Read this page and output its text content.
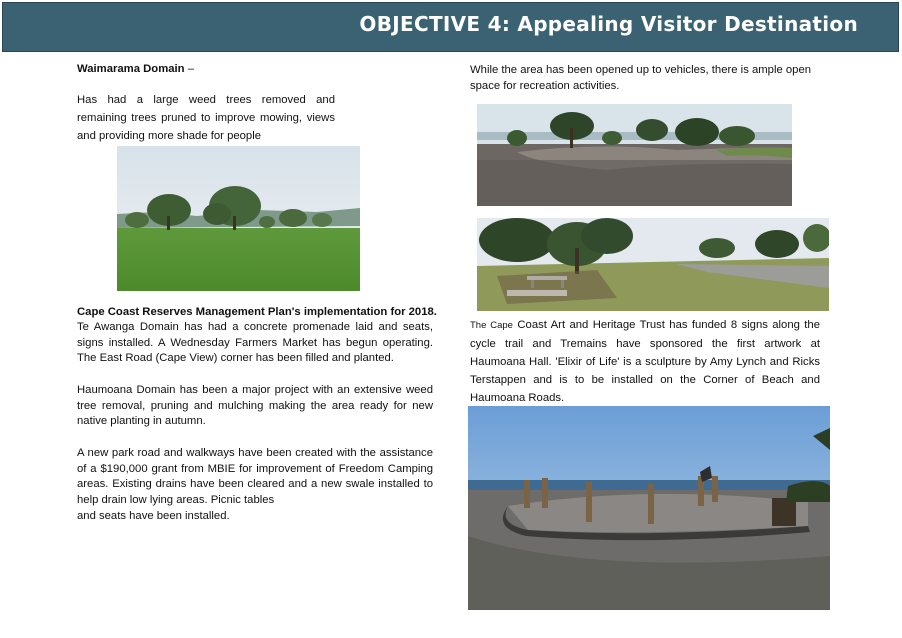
OBJECTIVE 4: Appealing Visitor Destination
Waimarama Domain –
Has had a large weed trees removed and remaining trees pruned to improve mowing, views and providing more shade for people
Cape Coast Reserves Management Plan's implementation for 2018.
Te Awanga Domain has had a concrete promenade laid and seats, signs installed. A Wednesday Farmers Market has begun operating. The East Road (Cape View) corner has been filled and planted.
Haumoana Domain has been a major project with an extensive weed tree removal, pruning and mulching making the area ready for new native planting in autumn.
A new park road and walkways have been created with the assistance of a $190,000 grant from MBIE for improvement of Freedom Camping areas. Existing drains have been cleared and a new swale installed to help drain low lying areas. Picnic tables
and seats have been installed.
While the area has been opened up to vehicles, there is ample open space for recreation activities.
The Cape Coast Art and Heritage Trust has funded 8 signs along the cycle trail and Tremains have sponsored the first artwork at Haumoana Hall. 'Elixir of Life' is a sculpture by Amy Lynch and Ricks Terstappen and is to be installed on the Corner of Beach and Haumoana Roads.
